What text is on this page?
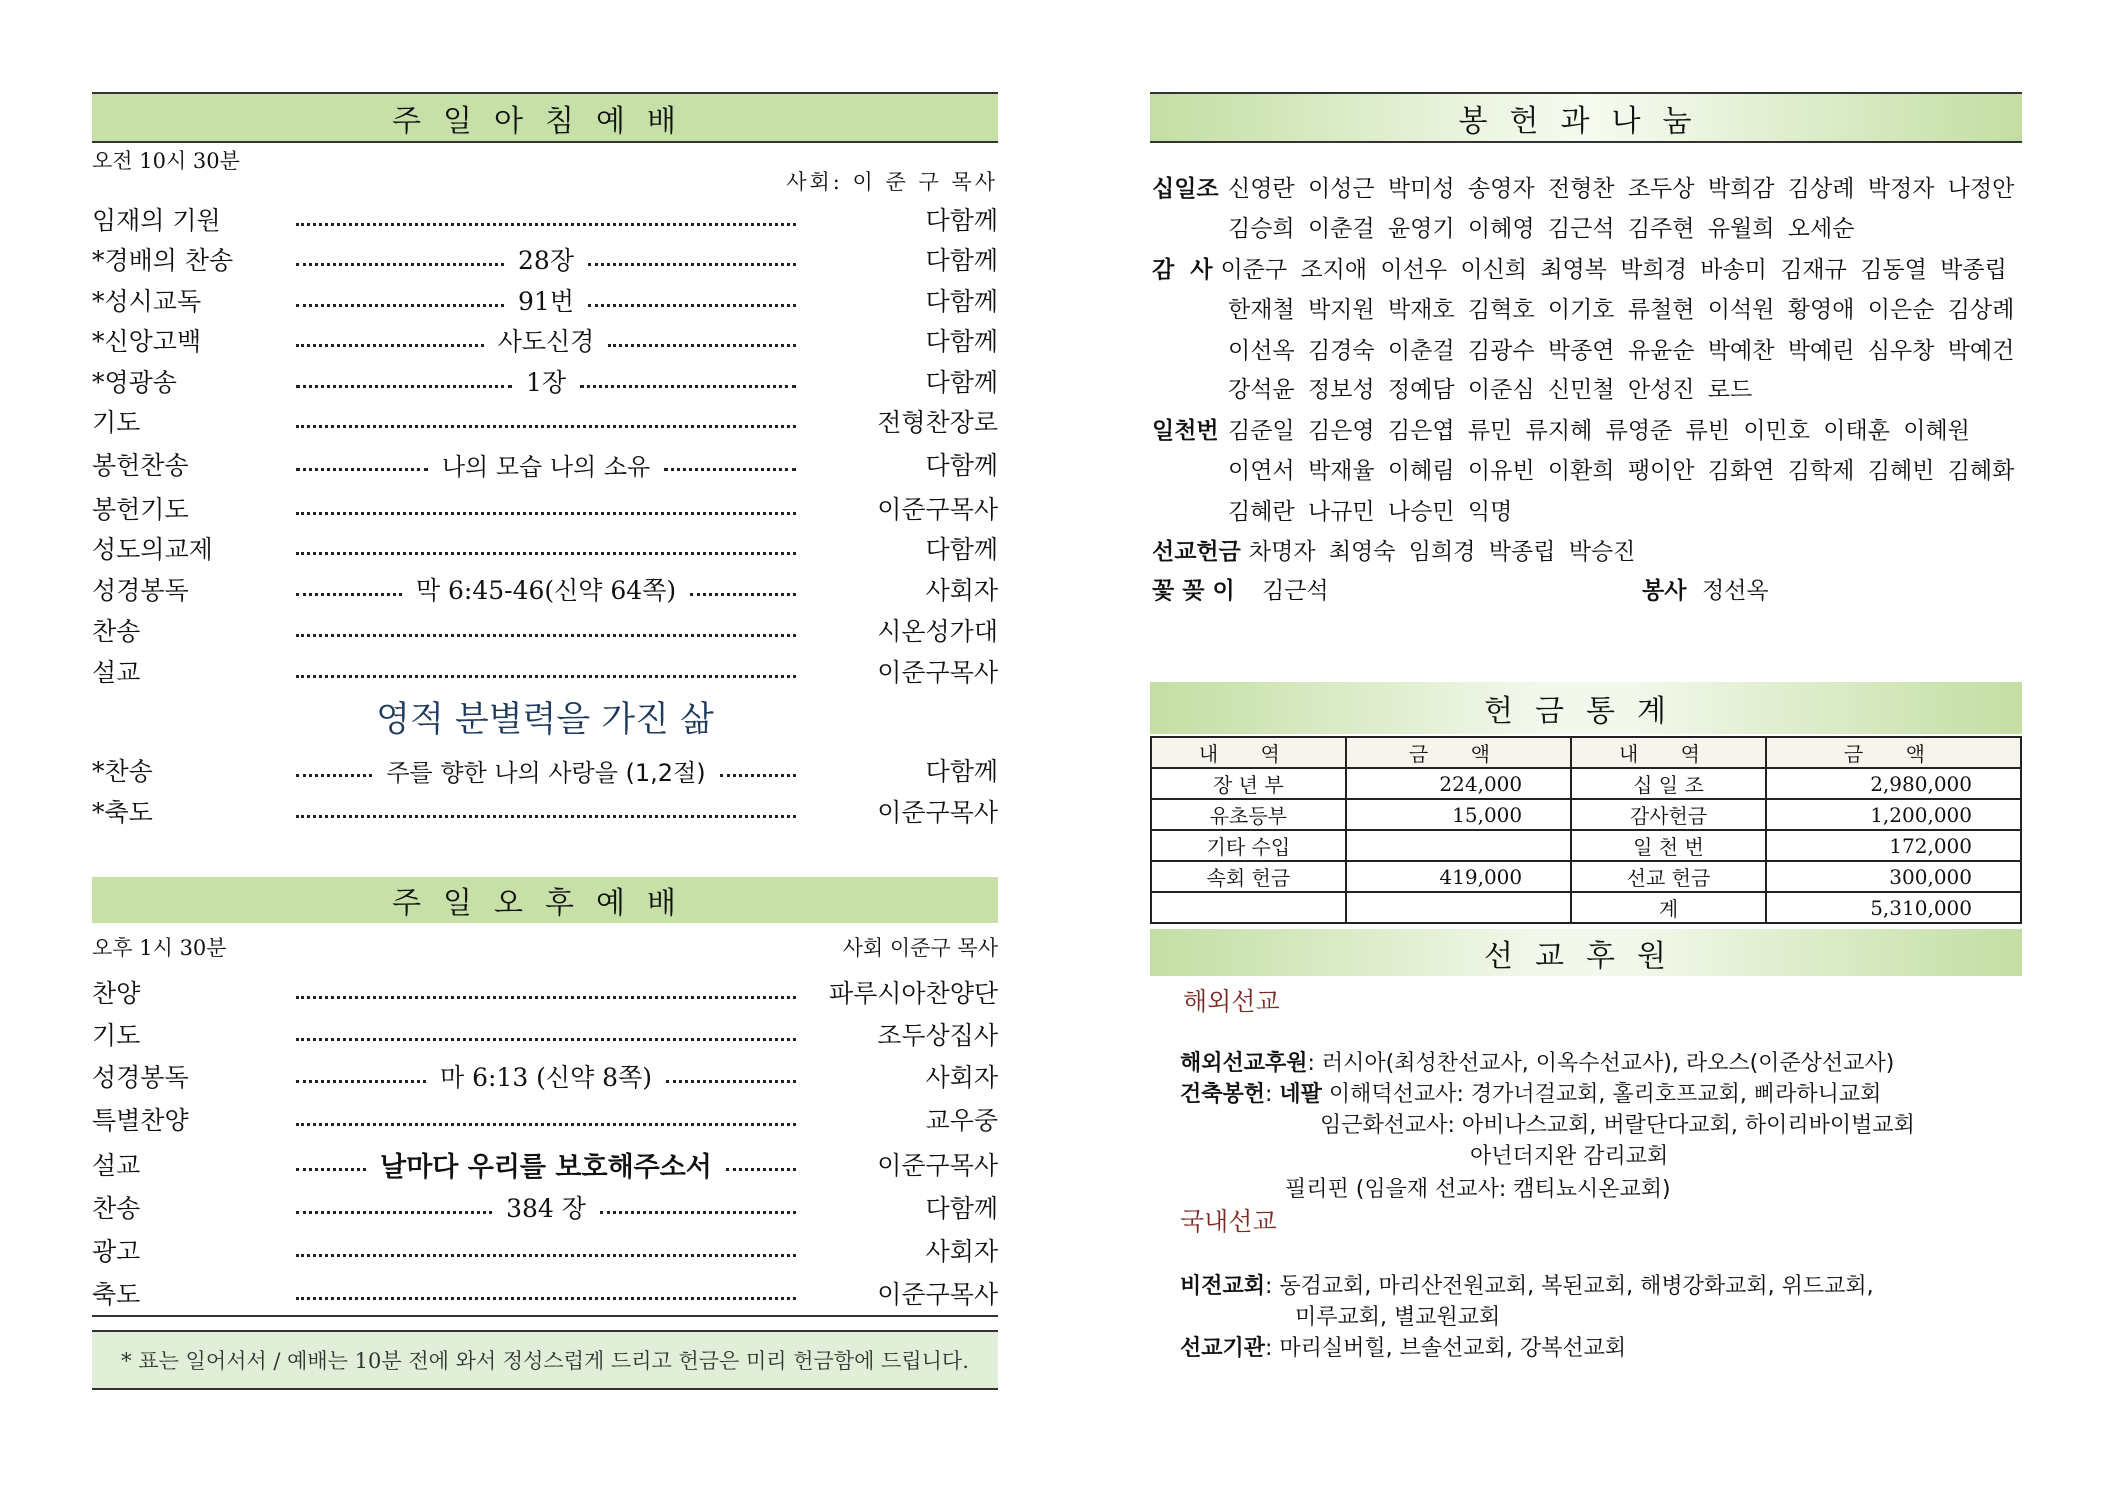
주일아침예배
오전 10시 30분
사회: 이 준 구 목사
임재의 기원	다함께
*경배의 찬송	28장	다함께
*성시교독	91번	다함께
*신앙고백	사도신경	다함께
*영광송	1장	다함께
기도	전형찬장로
봉헌찬송	나의 모습 나의 소유	다함께
봉헌기도	이준구목사
성도의교제	다함께
성경봉독	막 6:45-46(신약 64쪽)	사회자
찬송	시온성가대
설교	이준구목사
영적 분별력을 가진 삶
*찬송	주를 향한 나의 사랑을 (1,2절)	다함께
*축도	이준구목사
주일오후예배
오후 1시 30분	사회 이준구 목사
찬양	파루시아찬양단
기도	조두상집사
성경봉독	마 6:13 (신약 8쪽)	사회자
특별찬양	교우중
설교	날마다 우리를 보호해주소서	이준구목사
찬송	384 장	다함께
광고	사회자
축도	이준구목사
* 표는 일어서서 / 예배는 10분 전에 와서 정성스럽게 드리고 헌금은 미리 헌금함에 드립니다.
봉헌과나눔
십일조 신영란 이성근 박미성 송영자 전형찬 조두상 박희감 김상례 박정자 나정안
김승희 이춘걸 윤영기 이혜영 김근석 김주현 유월희 오세순
감  사 이준구 조지애 이선우 이신희 최영복 박희경 바송미 김재규 김동열 박종립
한재철 박지원 박재호 김혁호 이기호 류철현 이석원 황영애 이은순 김상례
이선옥 김경숙 이춘걸 김광수 박종연 유윤순 박예찬 박예린 심우창 박예건
강석윤 정보성 정예담 이준심 신민철 안성진 로드
일천번 김준일 김은영 김은엽 류민 류지혜 류영준 류빈 이민호 이태훈 이혜원
이연서 박재율 이혜림 이유빈 이환희 팽이안 김화연 김학제 김혜빈 김혜화
김혜란 나규민 나승민 익명
선교헌금 차명자 최영숙 임희경 박종립 박승진
꽃 꽂 이	김근석	봉사 정선옥
헌금통계
내 역	금 액	내 역	금 액
장 년 부	224,000	십 일 조	2,980,000
유초등부	15,000	감사헌금	1,200,000
기타 수입		일 천 번	172,000
속회 헌금	419,000	선교 헌금	300,000
		계	5,310,000
선교후원
해외선교
해외선교후원: 러시아(최성찬선교사, 이옥수선교사), 라오스(이준상선교사)
건축봉헌: 네팔 이해덕선교사: 경가너걸교회, 홀리호프교회, 삐라하니교회
임근화선교사: 아비나스교회, 버랄단다교회, 하이리바이벌교회
아넌더지완 감리교회
필리핀 (임을재 선교사: 캠티뇨시온교회)
국내선교
비전교회: 동검교회, 마리산전원교회, 복된교회, 해병강화교회, 위드교회,
미루교회, 별교원교회
선교기관: 마리실버힐, 브솔선교회, 강복선교회
